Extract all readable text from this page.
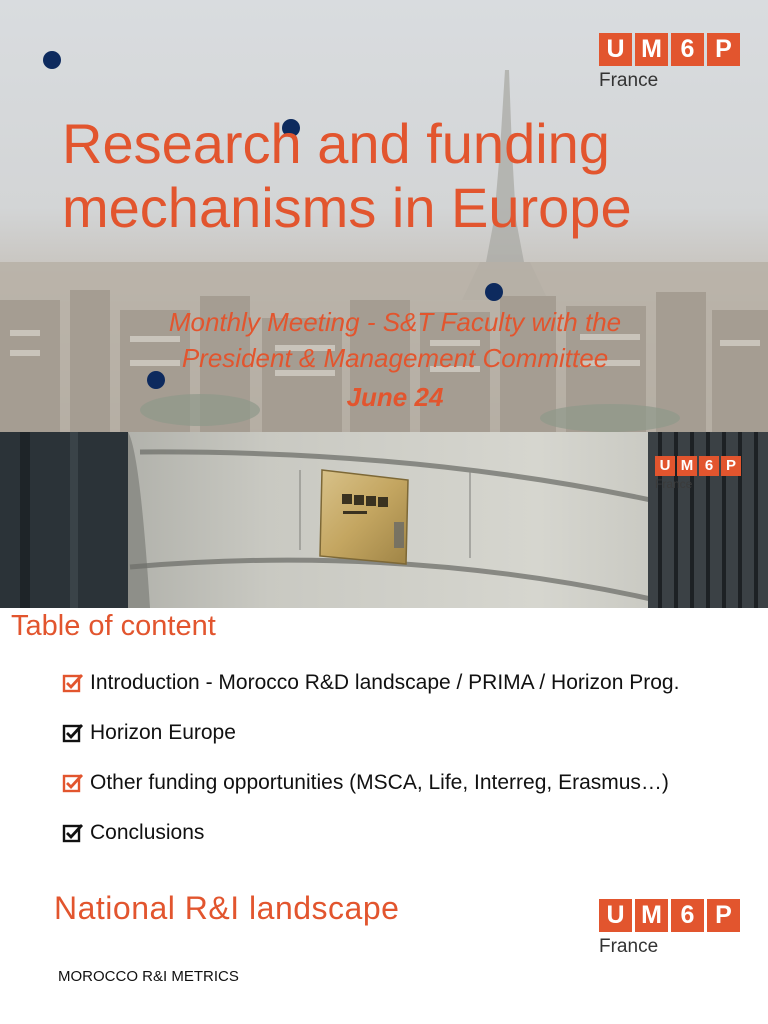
U M 6 P
France
Research and funding
mechanisms in Europe
Monthly Meeting - S&T Faculty with the
President & Management Committee
June 24
U M 6 P
France
Table of content
Introduction - Morocco R&D landscape / PRIMA / Horizon Prog.
Horizon Europe
Other funding opportunities (MSCA, Life, Interreg, Erasmus…)
Conclusions
National R&I landscape	U M 6 P
France
MOROCCO R&I METRICS
